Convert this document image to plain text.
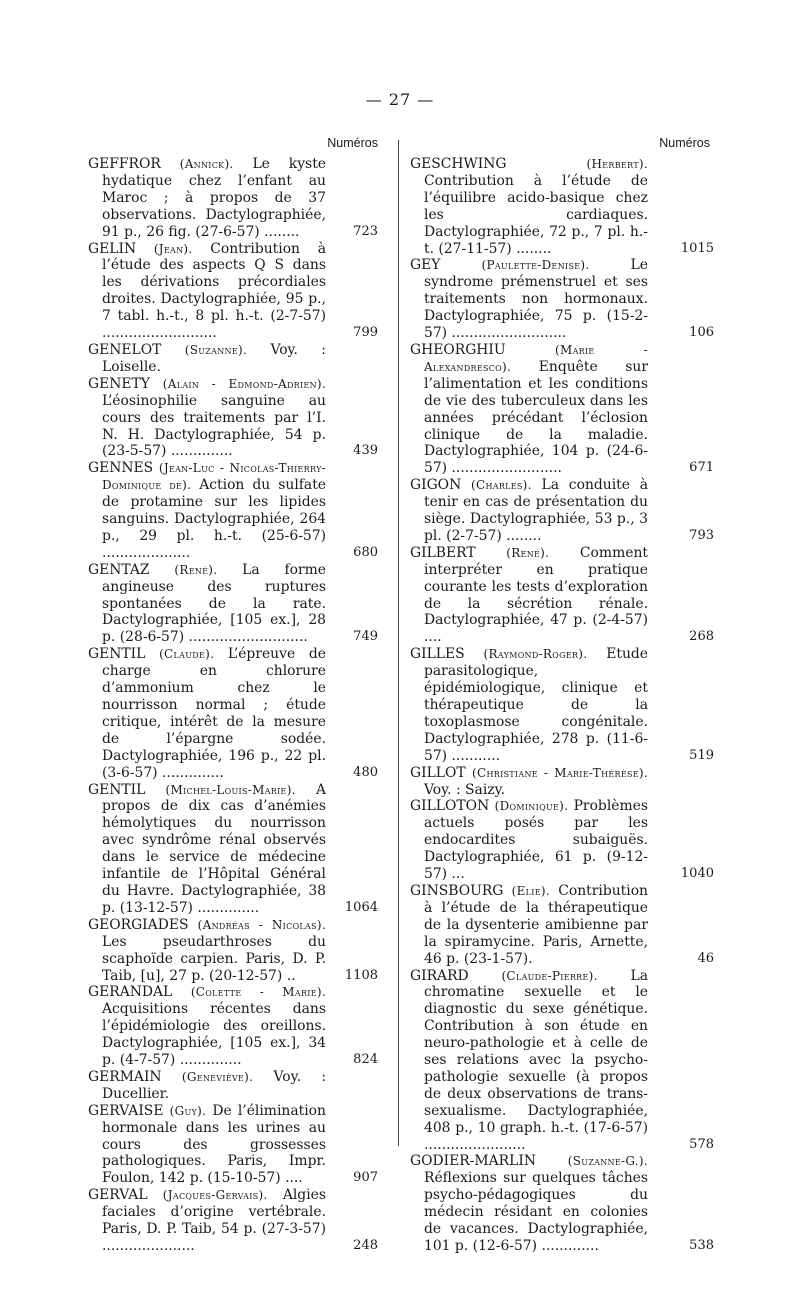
— 27 —
Numéros
GEFFROR (Annick). Le kyste hydatique chez l’enfant au Maroc ; à propos de 37 observations. Dactylographiée, 91 p., 26 fig. (27-6-57) ........	723
GELIN (Jean). Contribution à l’étude des aspects Q S dans les dérivations précordiales droites. Dactylographiée, 95 p., 7 tabl. h.-t., 8 pl. h.-t. (2-7-57) ..........................	799
GENELOT (Suzanne). Voy. : Loiselle.
GENETY (Alain - Edmond-Adrien). L’éosinophilie sanguine au cours des traitements par l’I. N. H. Dactylographiée, 54 p. (23-5-57) ..............	439
GENNES (Jean-Luc - Nicolas-Thierry-Dominique de). Action du sulfate de protamine sur les lipides sanguins. Dactylographiée, 264 p., 29 pl. h.-t. (25-6-57) ....................	680
GENTAZ (René). La forme angineuse des ruptures spontanées de la rate. Dactylographiée, [105 ex.], 28 p. (28-6-57) ...........................	749
GENTIL (Claude). L’épreuve de charge en chlorure d’ammonium chez le nourrisson normal ; étude critique, intérêt de la mesure de l’épargne sodée. Dactylographiée, 196 p., 22 pl. (3-6-57) ..............	480
GENTIL (Michel-Louis-Marie). A propos de dix cas d’anémies hémolytiques du nourrisson avec syndrôme rénal observés dans le service de médecine infantile de l’Hôpital Général du Havre. Dactylographiée, 38 p. (13-12-57) ..............	1064
GEORGIADES (Andréas - Nicolas). Les pseudarthroses du scaphoïde carpien. Paris, D. P. Taib, [u], 27 p. (20-12-57) ..	1108
GERANDAL (Colette - Marie). Acquisitions récentes dans l’épidémiologie des oreillons. Dactylographiée, [105 ex.], 34 p. (4-7-57) ..............	824
GERMAIN (Geneviève). Voy. : Ducellier.
GERVAISE (Guy). De l’élimination hormonale dans les urines au cours des grossesses pathologiques. Paris, Impr. Foulon, 142 p. (15-10-57) ....	907
GERVAL (Jacques-Gervais). Algies faciales d’origine vertébrale. Paris, D. P. Taib, 54 p. (27-3-57) .....................	248
Numéros
GESCHWING	(Herbert). Contribution à l’étude de l’équilibre acido-basique chez les cardiaques. Dactylographiée, 72 p., 7 pl. h.-t. (27-11-57) ........	1015
GEY	(Paulette-Denise).	Le syndrome prémenstruel et ses traitements non hormonaux. Dactylographiée, 75 p. (15-2-57) ..........................	106
GHEORGHIU	(Marie - Alexandresco). Enquête sur l’alimentation et les conditions de vie des tuberculeux dans les années précédant l’éclosion clinique de la maladie. Dactylographiée, 104 p. (24-6-57) .........................	671
GIGON (Charles). La conduite à tenir en cas de présentation du siège. Dactylographiée, 53 p., 3 pl. (2-7-57) ........	793
GILBERT	(René). Comment interpréter en pratique courante les tests d’exploration de la sécrétion rénale. Dactylographiée, 47 p. (2-4-57) ....	268
GILLES (Raymond-Roger). Etude parasitologique, épidémiologique, clinique et thérapeutique de la toxoplasmose congénitale. Dactylographiée, 278 p. (11-6-57) ...........	519
GILLOT (Christiane - Marie-Thérèse). Voy. : Saizy.
GILLOTON (Dominique). Problèmes actuels posés par les endocardites subaiguës. Dactylographiée, 61 p. (9-12-57) ...	1040
GINSBOURG (Elie). Contribution à l’étude de la thérapeutique de la dysenterie amibienne par la spiramycine. Paris, Arnette, 46 p. (23-1-57).	46
GIRARD	(Claude-Pierre). La chromatine sexuelle et le diagnostic du sexe génétique. Contribution à son étude en neuro-pathologie et à celle de ses relations avec la psycho-pathologie sexuelle (à propos de deux observations de trans-sexualisme. Dactylographiée, 408 p., 10 graph. h.-t. (17-6-57) .......................	578
GODIER-MARLIN	(Suzanne-G.). Réflexions sur quelques tâches psycho-pédagogiques du médecin résidant en colonies de vacances. Dactylographiée, 101 p. (12-6-57) .............	538
